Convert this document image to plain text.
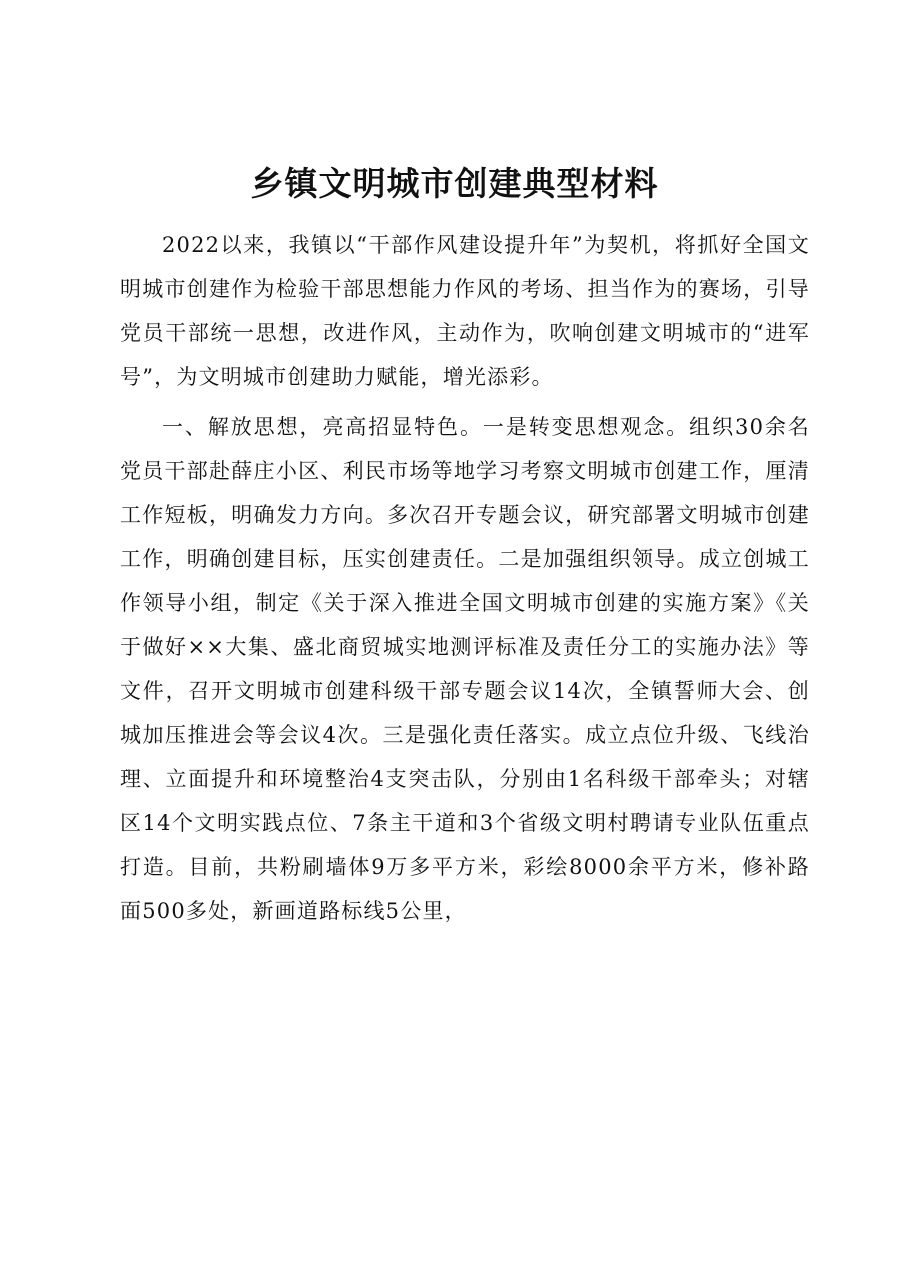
乡镇文明城市创建典型材料

2022以来，我镇以“干部作风建设提升年”为契机，将抓好全国文明城市创建作为检验干部思想能力作风的考场、担当作为的赛场，引导党员干部统一思想，改进作风，主动作为，吹响创建文明城市的“进军号”，为文明城市创建助力赋能，增光添彩。

一、解放思想，亮高招显特色。一是转变思想观念。组织30余名党员干部赴薛庄小区、利民市场等地学习考察文明城市创建工作，厘清工作短板，明确发力方向。多次召开专题会议，研究部署文明城市创建工作，明确创建目标，压实创建责任。二是加强组织领导。成立创城工作领导小组，制定《关于深入推进全国文明城市创建的实施方案》《关于做好××大集、盛北商贸城实地测评标准及责任分工的实施办法》等文件，召开文明城市创建科级干部专题会议14次，全镇誓师大会、创城加压推进会等会议4次。三是强化责任落实。成立点位升级、飞线治理、立面提升和环境整治4支突击队，分别由1名科级干部牵头；对辖区14个文明实践点位、7条主干道和3个省级文明村聘请专业队伍重点打造。目前，共粉刷墙体9万多平方米，彩绘8000余平方米，修补路面500多处，新画道路标线5公里，
